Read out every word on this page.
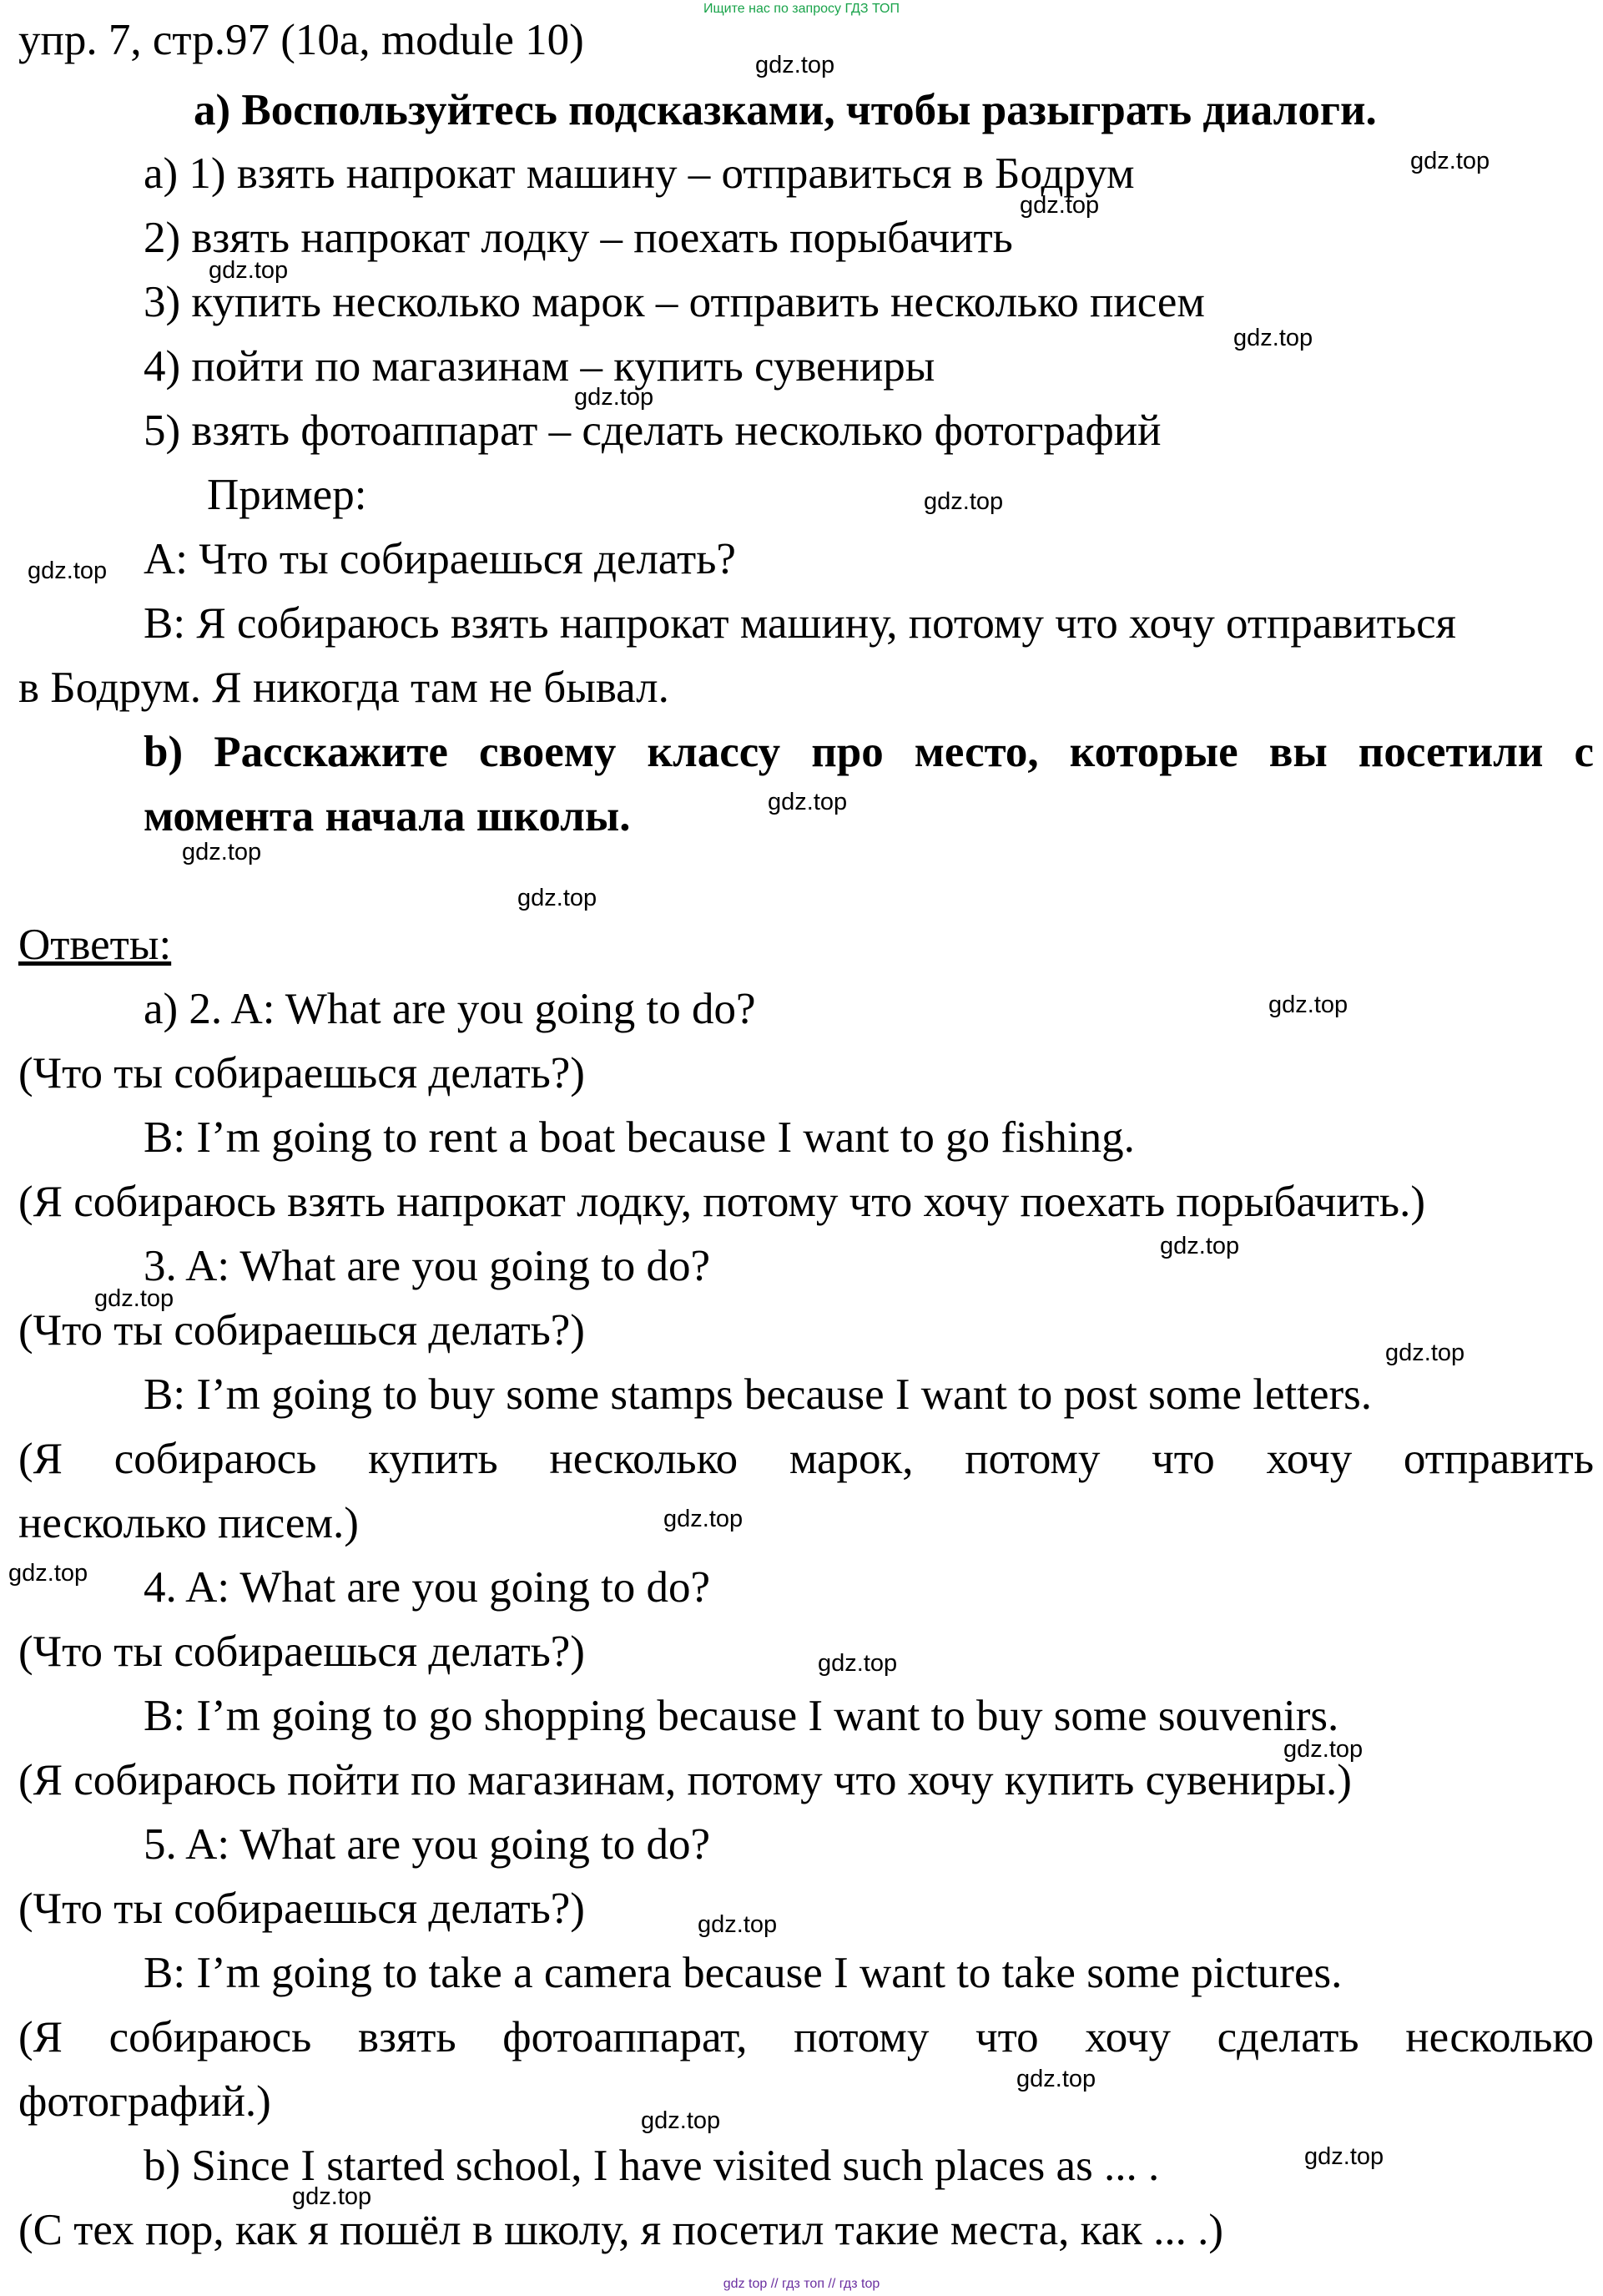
Ищите нас по запросу ГДЗ ТОП
упр. 7, стр.97 (10a, module 10)
a) Воспользуйтесь подсказками, чтобы разыграть диалоги.
а) 1) взять напрокат машину – отправиться в Бодрум
2) взять напрокат лодку – поехать порыбачить
3) купить несколько марок – отправить несколько писем
4) пойти по магазинам – купить сувениры
5) взять фотоаппарат – сделать несколько фотографий
Пример:
А: Что ты собираешься делать?
В: Я собираюсь взять напрокат машину, потому что хочу отправиться
в Бодрум. Я никогда там не бывал.
b) Расскажите своему классу про место, которые вы посетили с
момента начала школы.
Ответы:
a) 2. A: What are you going to do?
(Что ты собираешься делать?)
B: I’m going to rent a boat because I want to go fishing.
(Я собираюсь взять напрокат лодку, потому что хочу поехать порыбачить.)
3. A: What are you going to do?
(Что ты собираешься делать?)
B: I’m going to buy some stamps because I want to post some letters.
(Я собираюсь купить несколько марок, потому что хочу отправить
несколько писем.)
4. A: What are you going to do?
(Что ты собираешься делать?)
B: I’m going to go shopping because I want to buy some souvenirs.
(Я собираюсь пойти по магазинам, потому что хочу купить сувениры.)
5. A: What are you going to do?
(Что ты собираешься делать?)
B: I’m going to take a camera because I want to take some pictures.
(Я собираюсь взять фотоаппарат, потому что хочу сделать несколько
фотографий.)
b) Since I started school, I have visited such places as ... .
(С тех пор, как я пошёл в школу, я посетил такие места, как ... .)
gdz.top
gdz.top
gdz.top
gdz.top
gdz.top
gdz.top
gdz.top
gdz.top
gdz.top
gdz.top
gdz.top
gdz.top
gdz.top
gdz.top
gdz.top
gdz.top
gdz.top
gdz.top
gdz.top
gdz.top
gdz.top
gdz.top
gdz.top
gdz.top
gdz top // гдз топ // гдз top
